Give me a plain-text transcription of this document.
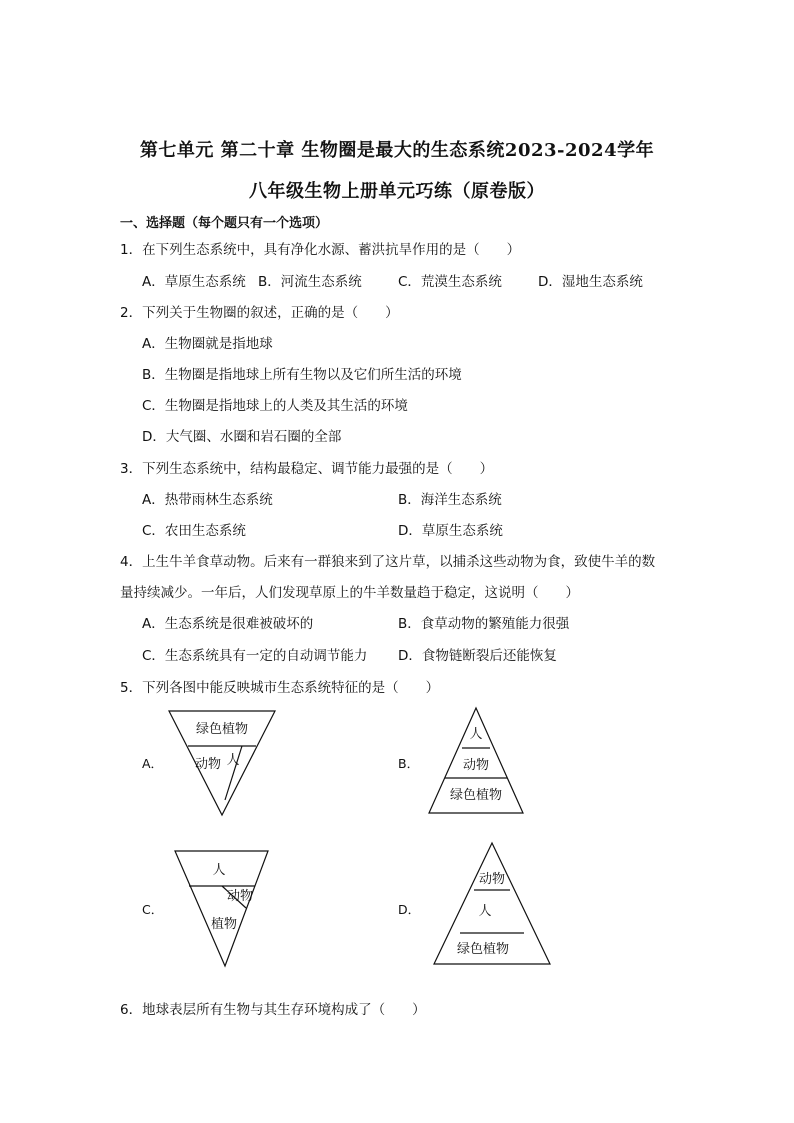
第七单元 第二十章 生物圈是最大的生态系统2023-2024学年
八年级生物上册单元巧练（原卷版）
一、选择题（每个题只有一个选项）
1．在下列生态系统中，具有净化水源、蓄洪抗旱作用的是（　　）
A．草原生态系统 B．河流生态系统	C．荒漠生态系统	D．湿地生态系统
2．下列关于生物圈的叙述，正确的是（　　）
A．生物圈就是指地球
B．生物圈是指地球上所有生物以及它们所生活的环境
C．生物圈是指地球上的人类及其生活的环境
D．大气圈、水圈和岩石圈的全部
3．下列生态系统中，结构最稳定、调节能力最强的是（　　）
A．热带雨林生态系统	B．海洋生态系统
C．农田生态系统	D．草原生态系统
4．上生牛羊食草动物。后来有一群狼来到了这片草，以捕杀这些动物为食，致使牛羊的数
量持续减少。一年后，人们发现草原上的牛羊数量趋于稳定，这说明（　　）
A．生态系统是很难被破坏的	B．食草动物的繁殖能力很强
C．生态系统具有一定的自动调节能力 D．食物链断裂后还能恢复
5．下列各图中能反映城市生态系统特征的是（　　）
A．	B．
C．	D．
绿色植物
动物 人
人
动物
绿色植物
人
动物
植物
动物
人
绿色植物
6．地球表层所有生物与其生存环境构成了（　　）
